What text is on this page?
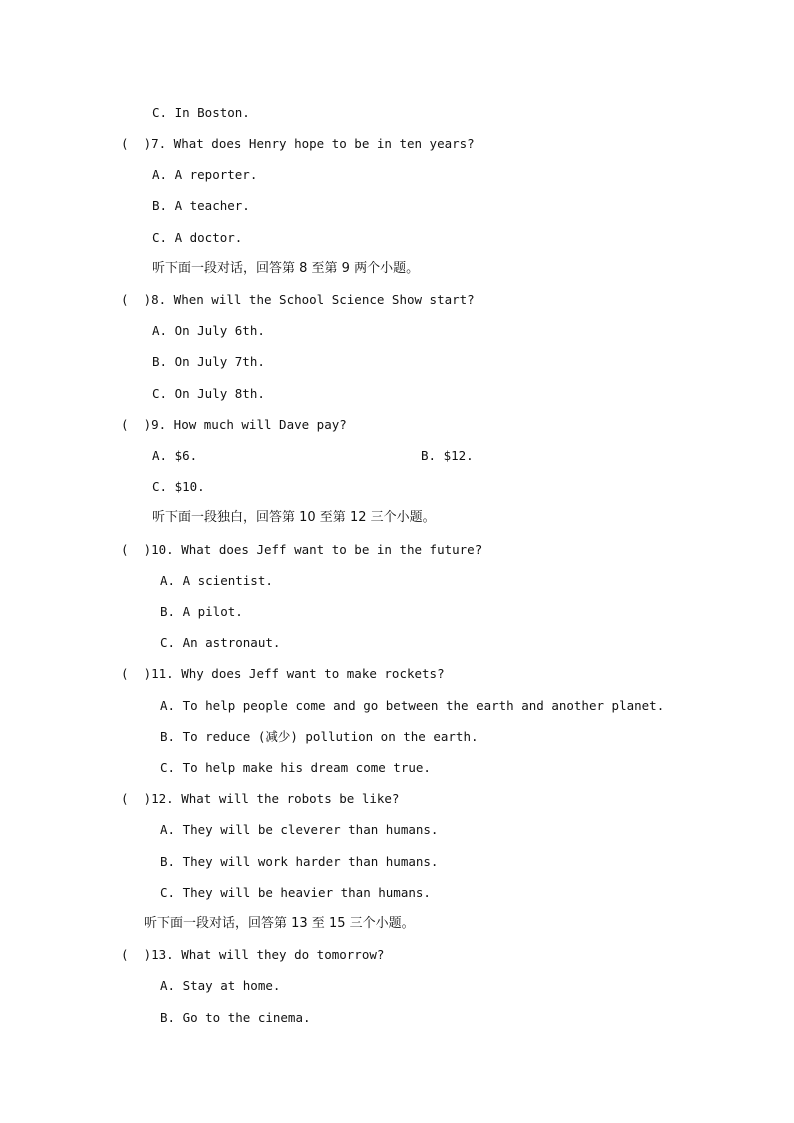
C. In Boston.
(  )7. What does Henry hope to be in ten years?
A. A reporter.
B. A teacher.
C. A doctor.
听下面一段对话，回答第 8 至第 9 两个小题。
(  )8. When will the School Science Show start?
A. On July 6th.
B. On July 7th.
C. On July 8th.
(  )9. How much will Dave pay?
A. $6.	B. $12.
C. $10.
听下面一段独白，回答第 10 至第 12 三个小题。
(  )10. What does Jeff want to be in the future?
A. A scientist.
B. A pilot.
C. An astronaut.
(  )11. Why does Jeff want to make rockets?
A. To help people come and go between the earth and another planet.
B. To reduce (减少) pollution on the earth.
C. To help make his dream come true.
(  )12. What will the robots be like?
A. They will be cleverer than humans.
B. They will work harder than humans.
C. They will be heavier than humans.
听下面一段对话，回答第 13 至 15 三个小题。
(  )13. What will they do tomorrow?
A. Stay at home.
B. Go to the cinema.
